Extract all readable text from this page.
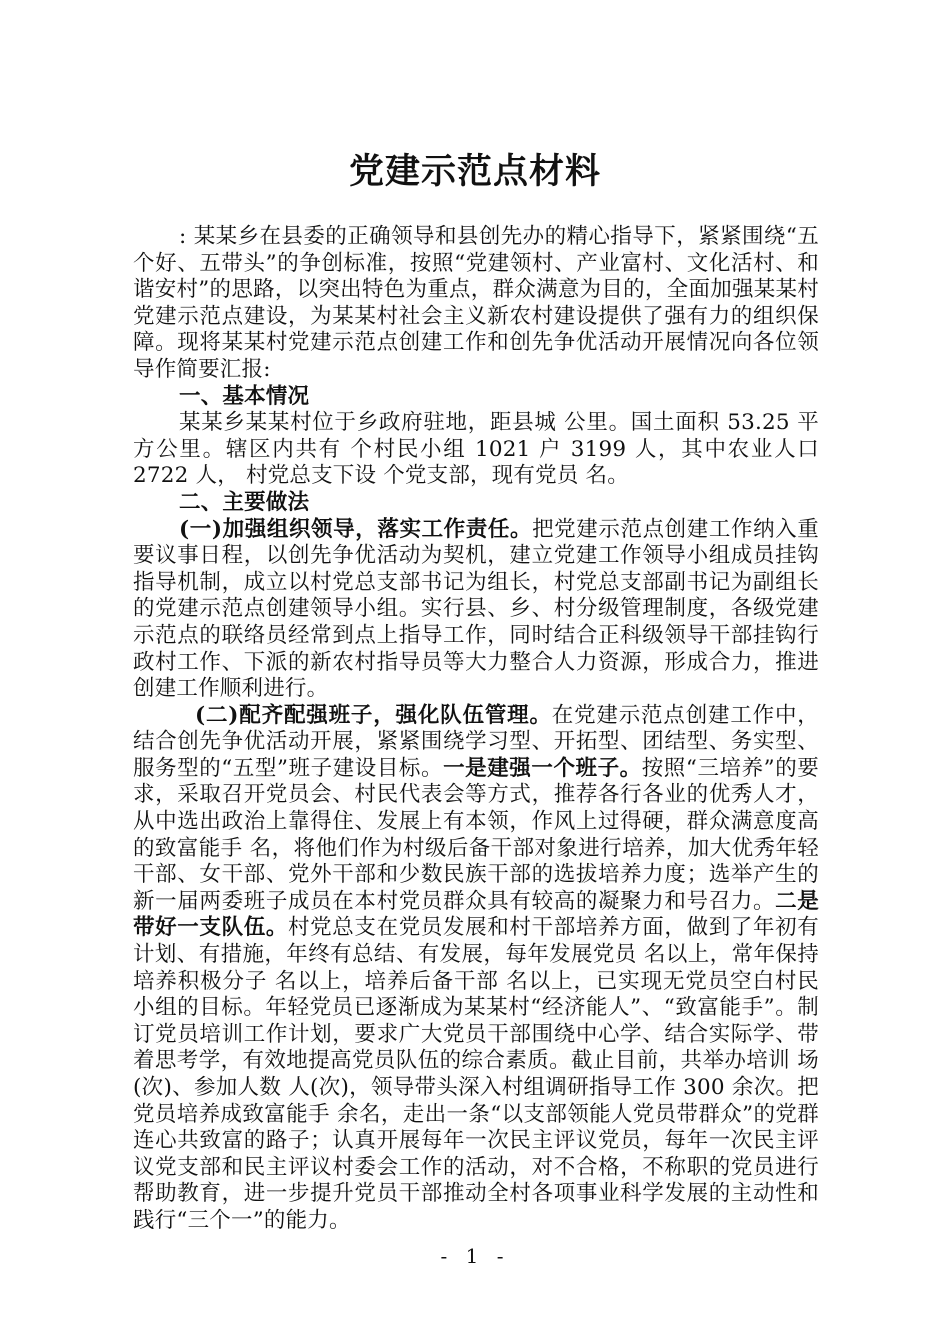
党建示范点材料

: 某某乡在县委的正确领导和县创先办的精心指导下，紧紧围绕“五个好、五带头”的争创标准，按照“党建领村、产业富村、文化活村、和谐安村”的思路，以突出特色为重点，群众满意为目的，全面加强某某村党建示范点建设，为某某村社会主义新农村建设提供了强有力的组织保障。现将某某村党建示范点创建工作和创先争优活动开展情况向各位领导作简要汇报:

一、基本情况

某某乡某某村位于乡政府驻地，距县城 公里。国土面积 53.25 平方公里。辖区内共有 个村民小组 1021 户 3199 人，其中农业人口 2722 人， 村党总支下设 个党支部，现有党员 名。

二、主要做法

(一)加强组织领导，落实工作责任。把党建示范点创建工作纳入重要议事日程，以创先争优活动为契机，建立党建工作领导小组成员挂钩指导机制，成立以村党总支部书记为组长，村党总支部副书记为副组长的党建示范点创建领导小组。实行县、乡、村分级管理制度，各级党建示范点的联络员经常到点上指导工作，同时结合正科级领导干部挂钩行政村工作、下派的新农村指导员等大力整合人力资源，形成合力，推进创建工作顺利进行。

(二)配齐配强班子，强化队伍管理。在党建示范点创建工作中，结合创先争优活动开展，紧紧围绕学习型、开拓型、团结型、务实型、服务型的“五型”班子建设目标。一是建强一个班子。按照“三培养”的要求，采取召开党员会、村民代表会等方式，推荐各行各业的优秀人才，从中选出政治上靠得住、发展上有本领，作风上过得硬，群众满意度高的致富能手 名，将他们作为村级后备干部对象进行培养，加大优秀年轻干部、女干部、党外干部和少数民族干部的选拔培养力度；选举产生的新一届两委班子成员在本村党员群众具有较高的凝聚力和号召力。二是带好一支队伍。村党总支在党员发展和村干部培养方面，做到了年初有计划、有措施，年终有总结、有发展，每年发展党员 名以上，常年保持培养积极分子 名以上，培养后备干部 名以上，已实现无党员空白村民小组的目标。年轻党员已逐渐成为某某村“经济能人”、“致富能手”。制订党员培训工作计划，要求广大党员干部围绕中心学、结合实际学、带着思考学，有效地提高党员队伍的综合素质。截止目前，共举办培训 场(次)、参加人数 人(次)，领导带头深入村组调研指导工作 300 余次。把党员培养成致富能手 余名，走出一条“以支部领能人党员带群众”的党群连心共致富的路子；认真开展每年一次民主评议党员，每年一次民主评议党支部和民主评议村委会工作的活动，对不合格，不称职的党员进行帮助教育，进一步提升党员干部推动全村各项事业科学发展的主动性和践行“三个一”的能力。

- 1 -
